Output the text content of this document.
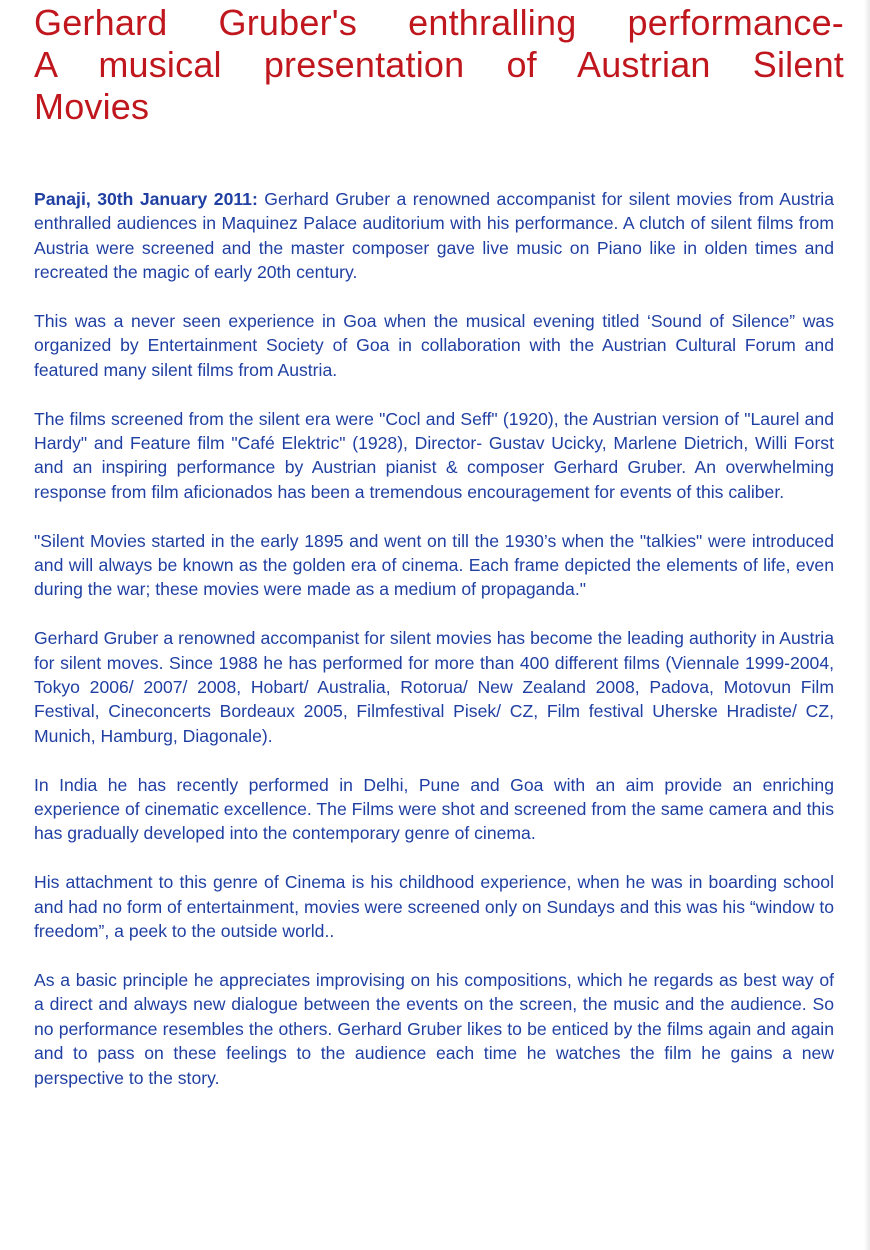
Gerhard Gruber's enthralling performance-
A musical presentation of Austrian Silent
Movies

Panaji, 30th January 2011: Gerhard Gruber a renowned accompanist for silent movies from Austria enthralled audiences in Maquinez Palace auditorium with his performance. A clutch of silent films from Austria were screened and the master composer gave live music on Piano like in olden times and recreated the magic of early 20th century.

This was a never seen experience in Goa when the musical evening titled ‘Sound of Silence” was organized by Entertainment Society of Goa in collaboration with the Austrian Cultural Forum and featured many silent films from Austria.

The films screened from the silent era were "Cocl and Seff" (1920), the Austrian version of "Laurel and Hardy" and Feature film "Café Elektric" (1928), Director- Gustav Ucicky, Marlene Dietrich, Willi Forst and an inspiring performance by Austrian pianist & composer Gerhard Gruber. An overwhelming response from film aficionados has been a tremendous encouragement for events of this caliber.

"Silent Movies started in the early 1895 and went on till the 1930’s when the "talkies" were introduced and will always be known as the golden era of cinema. Each frame depicted the elements of life, even during the war; these movies were made as a medium of propaganda."

Gerhard Gruber a renowned accompanist for silent movies has become the leading authority in Austria for silent moves. Since 1988 he has performed for more than 400 different films (Viennale 1999-2004, Tokyo 2006/ 2007/ 2008, Hobart/ Australia, Rotorua/ New Zealand 2008, Padova, Motovun Film Festival, Cineconcerts Bordeaux 2005, Filmfestival Pisek/ CZ, Film festival Uherske Hradiste/ CZ, Munich, Hamburg, Diagonale).

In India he has recently performed in Delhi, Pune and Goa with an aim provide an enriching experience of cinematic excellence. The Films were shot and screened from the same camera and this has gradually developed into the contemporary genre of cinema.

His attachment to this genre of Cinema is his childhood experience, when he was in boarding school and had no form of entertainment, movies were screened only on Sundays and this was his “window to freedom”, a peek to the outside world..

As a basic principle he appreciates improvising on his compositions, which he regards as best way of a direct and always new dialogue between the events on the screen, the music and the audience. So no performance resembles the others. Gerhard Gruber likes to be enticed by the films again and again and to pass on these feelings to the audience each time he watches the film he gains a new perspective to the story.
